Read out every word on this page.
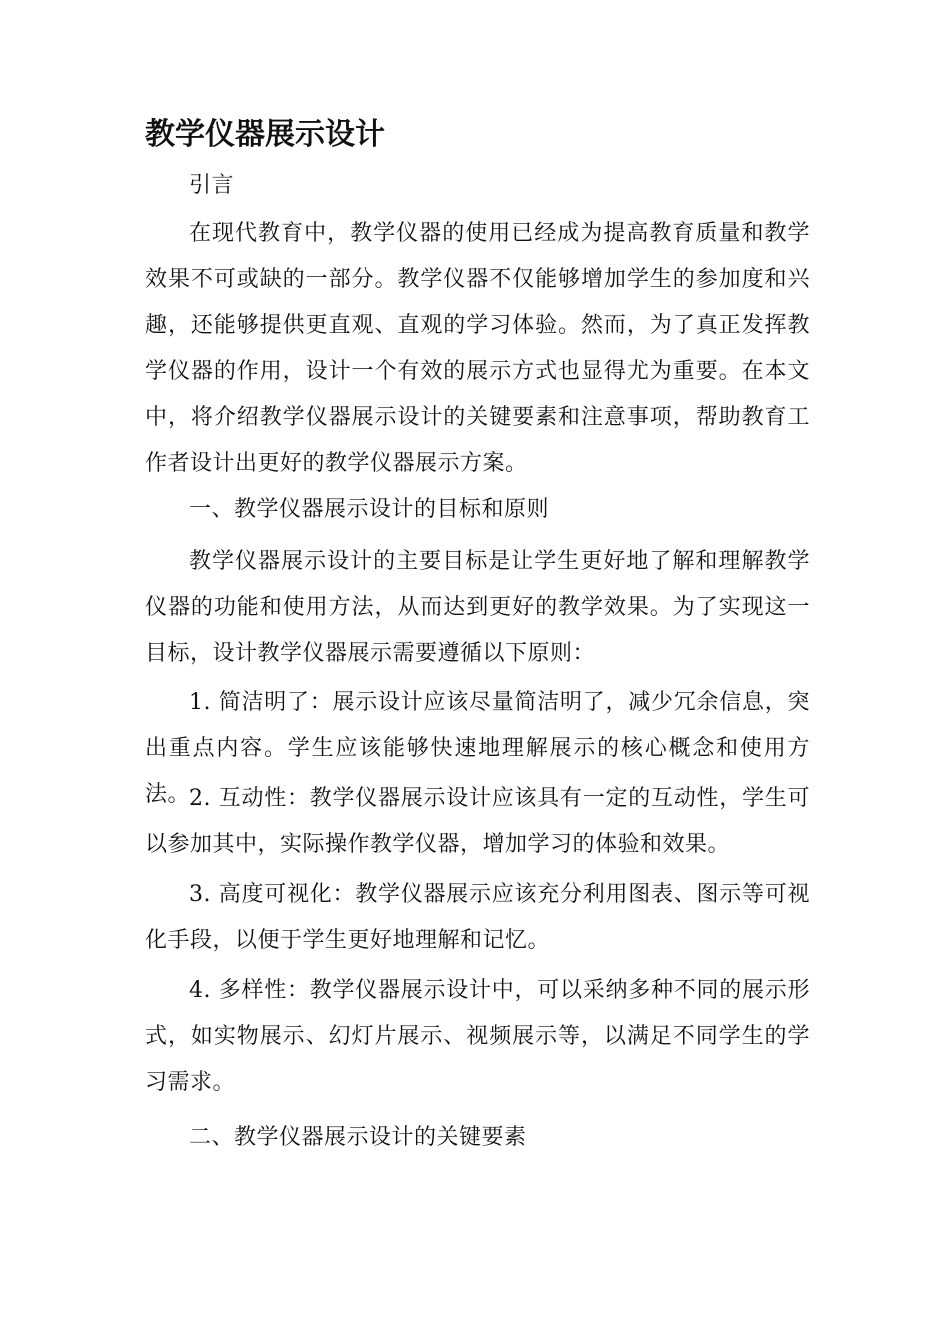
教学仪器展示设计

引言

在现代教育中，教学仪器的使用已经成为提高教育质量和教学效果不可或缺的一部分。教学仪器不仅能够增加学生的参加度和兴趣，还能够提供更直观、直观的学习体验。然而，为了真正发挥教学仪器的作用，设计一个有效的展示方式也显得尤为重要。在本文中，将介绍教学仪器展示设计的关键要素和注意事项，帮助教育工作者设计出更好的教学仪器展示方案。

一、教学仪器展示设计的目标和原则

教学仪器展示设计的主要目标是让学生更好地了解和理解教学仪器的功能和使用方法，从而达到更好的教学效果。为了实现这一目标，设计教学仪器展示需要遵循以下原则：

1. 简洁明了：展示设计应该尽量简洁明了，减少冗余信息，突出重点内容。学生应该能够快速地理解展示的核心概念和使用方法。

2. 互动性：教学仪器展示设计应该具有一定的互动性，学生可以参加其中，实际操作教学仪器，增加学习的体验和效果。

3. 高度可视化：教学仪器展示应该充分利用图表、图示等可视化手段，以便于学生更好地理解和记忆。

4. 多样性：教学仪器展示设计中，可以采纳多种不同的展示形式，如实物展示、幻灯片展示、视频展示等，以满足不同学生的学习需求。

二、教学仪器展示设计的关键要素
